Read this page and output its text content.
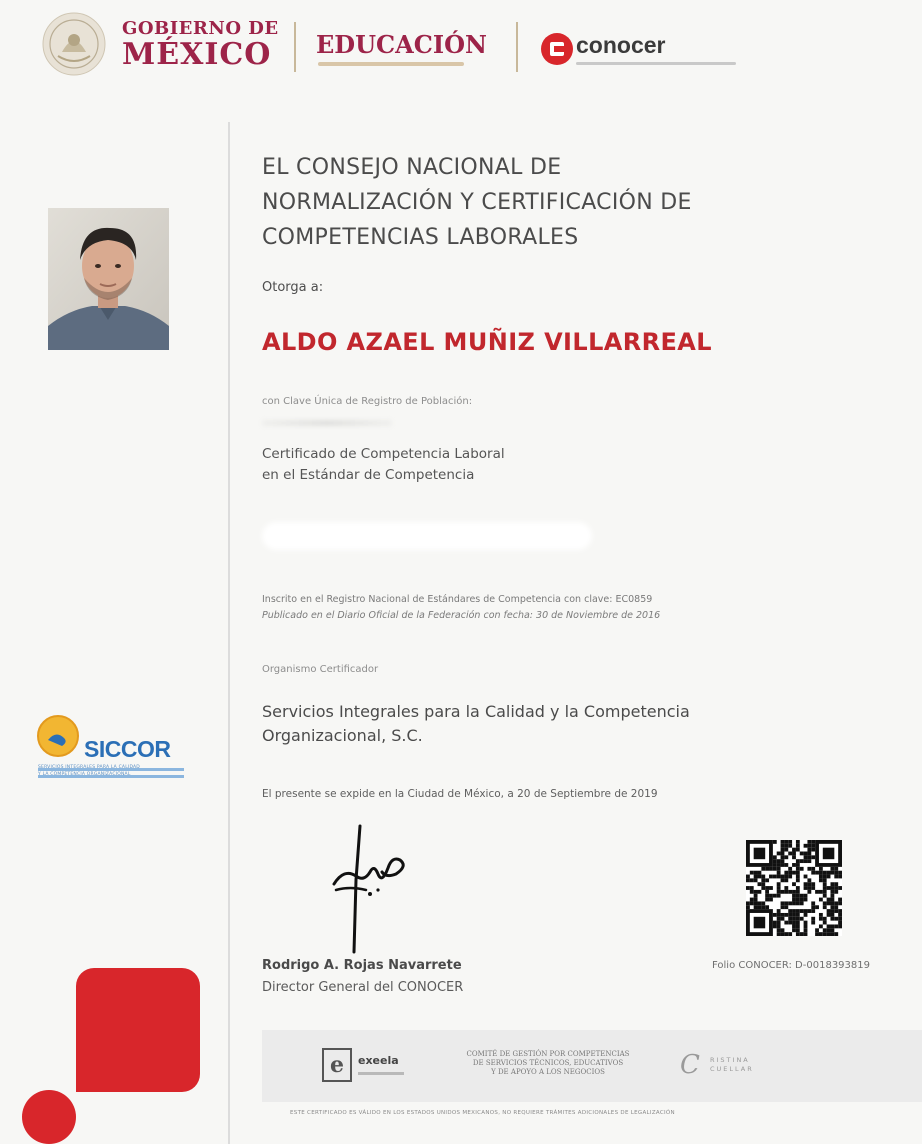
GOBIERNO DE
MÉXICO EDUCACIÓN	conocer
SICCOR
SERVICIOS INTEGRALES PARA LA CALIDAD
Y LA COMPETENCIA ORGANIZACIONAL
EL CONSEJO NACIONAL DE
NORMALIZACIÓN Y CERTIFICACIÓN DE
COMPETENCIAS LABORALES
Otorga a:
ALDO AZAEL MUÑIZ VILLARREAL
con Clave Única de Registro de Población:
Certificado de Competencia Laboral
en el Estándar de Competencia
Inscrito en el Registro Nacional de Estándares de Competencia con clave: EC0859
Publicado en el Diario Oficial de la Federación con fecha: 30 de Noviembre de 2016
Organismo Certificador
Servicios Integrales para la Calidad y la Competencia
Organizacional, S.C.
El presente se expide en la Ciudad de México, a 20 de Septiembre de 2019
Rodrigo A. Rojas Navarrete
Director General del CONOCER
Folio CONOCER: D-0018393819
e exeela	COMITÉ DE GESTIÓN POR COMPETENCIAS
DE SERVICIOS TÉCNICOS, EDUCATIVOS
Y DE APOYO A LOS NEGOCIOS	C RISTINA
CUELLAR
ESTE CERTIFICADO ES VÁLIDO EN LOS ESTADOS UNIDOS MEXICANOS, NO REQUIERE TRÁMITES ADICIONALES DE LEGALIZACIÓN
